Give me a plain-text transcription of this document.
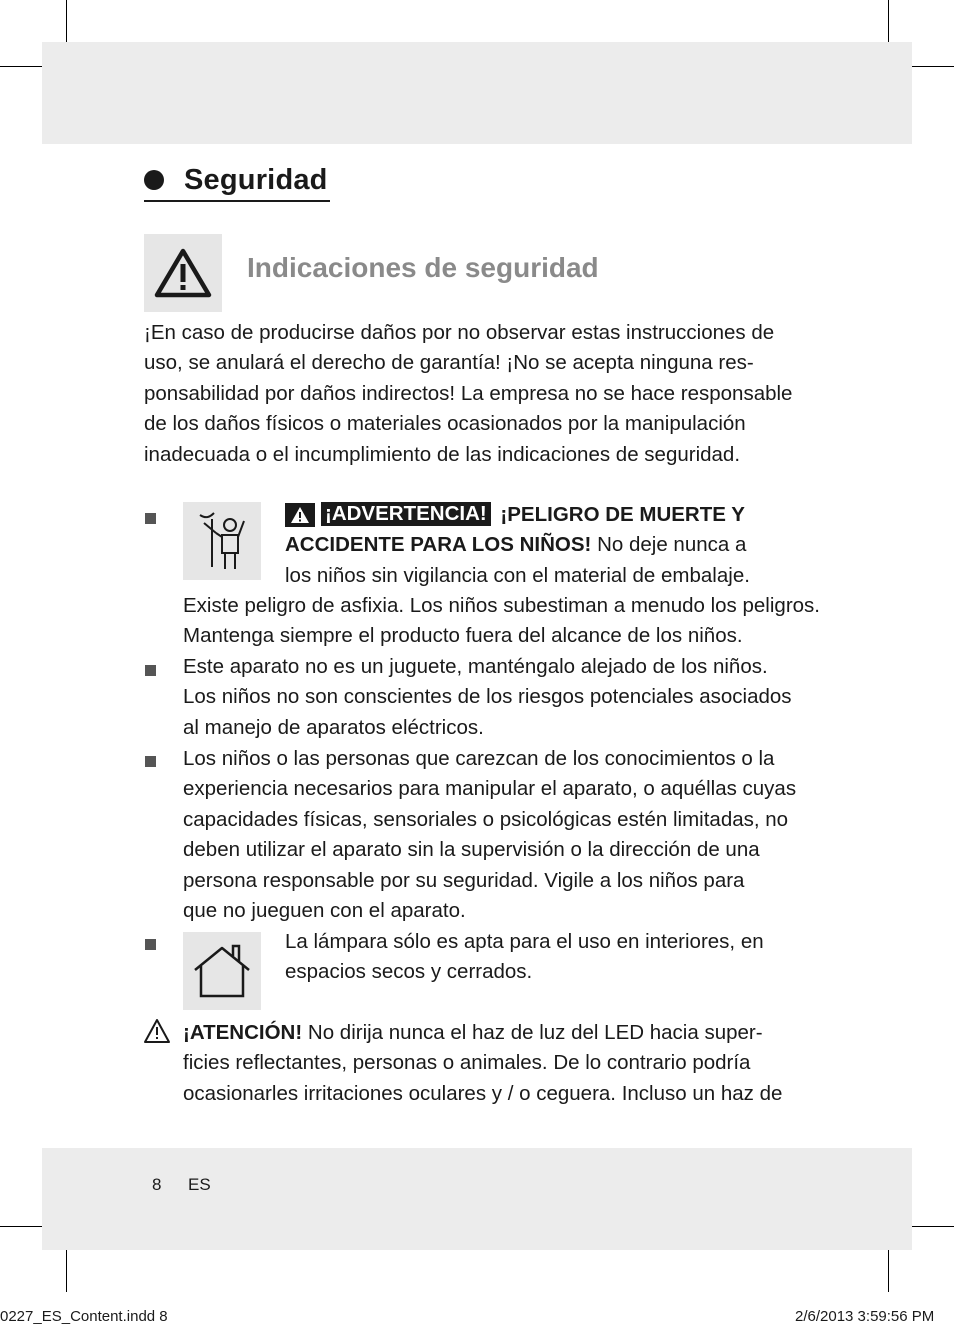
Seguridad
Indicaciones de seguridad

¡En caso de producirse daños por no observar estas instrucciones de
uso, se anulará el derecho de garantía! ¡No se acepta ninguna res-
ponsabilidad por daños indirectos! La empresa no se hace responsable
de los daños físicos o materiales ocasionados por la manipulación
inadecuada o el incumplimiento de las indicaciones de seguridad.

¡ADVERTENCIA! ¡PELIGRO DE MUERTE Y
ACCIDENTE PARA LOS NIÑOS! No deje nunca a
los niños sin vigilancia con el material de embalaje.

Existe peligro de asfixia. Los niños subestiman a menudo los peligros.
Mantenga siempre el producto fuera del alcance de los niños.

Este aparato no es un juguete, manténgalo alejado de los niños.
Los niños no son conscientes de los riesgos potenciales asociados
al manejo de aparatos eléctricos.

Los niños o las personas que carezcan de los conocimientos o la
experiencia necesarios para manipular el aparato, o aquéllas cuyas
capacidades físicas, sensoriales o psicológicas estén limitadas, no
deben utilizar el aparato sin la supervisión o la dirección de una
persona responsable por su seguridad. Vigile a los niños para
que no jueguen con el aparato.

La lámpara sólo es apta para el uso en interiores, en
espacios secos y cerrados.

¡ATENCIÓN! No dirija nunca el haz de luz del LED hacia super-
ficies reflectantes, personas o animales. De lo contrario podría
ocasionarles irritaciones oculares y / o ceguera. Incluso un haz de

8 ES
0227_ES_Content.indd 8	2/6/2013 3:59:56 PM
